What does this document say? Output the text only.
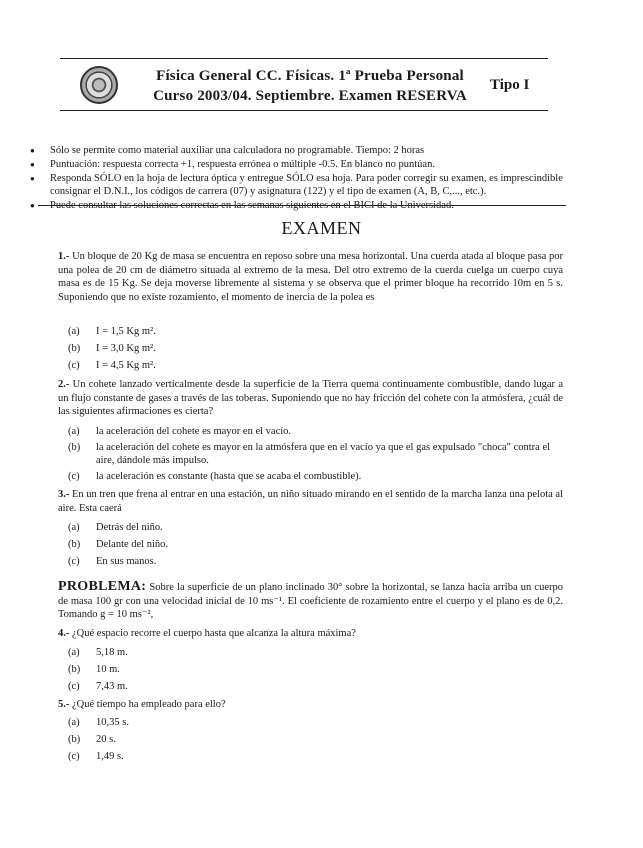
Física General CC. Físicas. 1ª Prueba Personal
Curso 2003/04. Septiembre. Examen RESERVA
Tipo I
●	Sólo se permite como material auxiliar una calculadora no programable. Tiempo: 2 horas
●	Puntuación: respuesta correcta +1, respuesta errónea o múltiple -0.5. En blanco no puntúan.
●	Responda SÓLO en la hoja de lectura óptica y entregue SÓLO esa hoja. Para poder corregir su examen, es imprescindible consignar el D.N.I., los códigos de carrera (07) y asignatura (122) y el tipo de examen (A, B, C,..., etc.).
●	Puede consultar las soluciones correctas en las semanas siguientes en el BICI de la Universidad.
EXAMEN
1.- Un bloque de 20 Kg de masa se encuentra en reposo sobre una mesa horizontal. Una cuerda atada al bloque pasa por una polea de 20 cm de diámetro situada al extremo de la mesa. Del otro extremo de la cuerda cuelga un cuerpo cuya masa es de 15 Kg. Se deja moverse libremente al sistema y se observa que el primer bloque ha recorrido 10m en 5 s. Suponiendo que no existe rozamiento, el momento de inercia de la polea es
(a)	I = 1,5 Kg m².
(b)	I = 3,0 Kg m².
(c)	I = 4,5 Kg m².
2.- Un cohete lanzado verticalmente desde la superficie de la Tierra quema continuamente combustible, dando lugar a un flujo constante de gases a través de las toberas. Suponiendo que no hay fricción del cohete con la atmósfera, ¿cuál de las siguientes afirmaciones es cierta?
(a)	la aceleración del cohete es mayor en el vacío.
(b)	la aceleración del cohete es mayor en la atmósfera que en el vacío ya que el gas expulsado "choca" contra el aire, dándole más impulso.
(c)	la aceleración es constante (hasta que se acaba el combustible).
3.- En un tren que frena al entrar en una estación, un niño situado mirando en el sentido de la marcha lanza una pelota al aire. Esta caerá
(a)	Detrás del niño.
(b)	Delante del niño.
(c)	En sus manos.
PROBLEMA: Sobre la superficie de un plano inclinado 30° sobre la horizontal, se lanza hacia arriba un cuerpo de masa 100 gr con una velocidad inicial de 10 ms⁻¹. El coeficiente de rozamiento entre el cuerpo y el plano es de 0,2. Tomando g = 10 ms⁻²,
4.- ¿Qué espacio recorre el cuerpo hasta que alcanza la altura máxima?
(a)	5,18 m.
(b)	10 m.
(c)	7,43 m.
5.- ¿Qué tiempo ha empleado para ello?
(a)	10,35 s.
(b)	20 s.
(c)	1,49 s.
